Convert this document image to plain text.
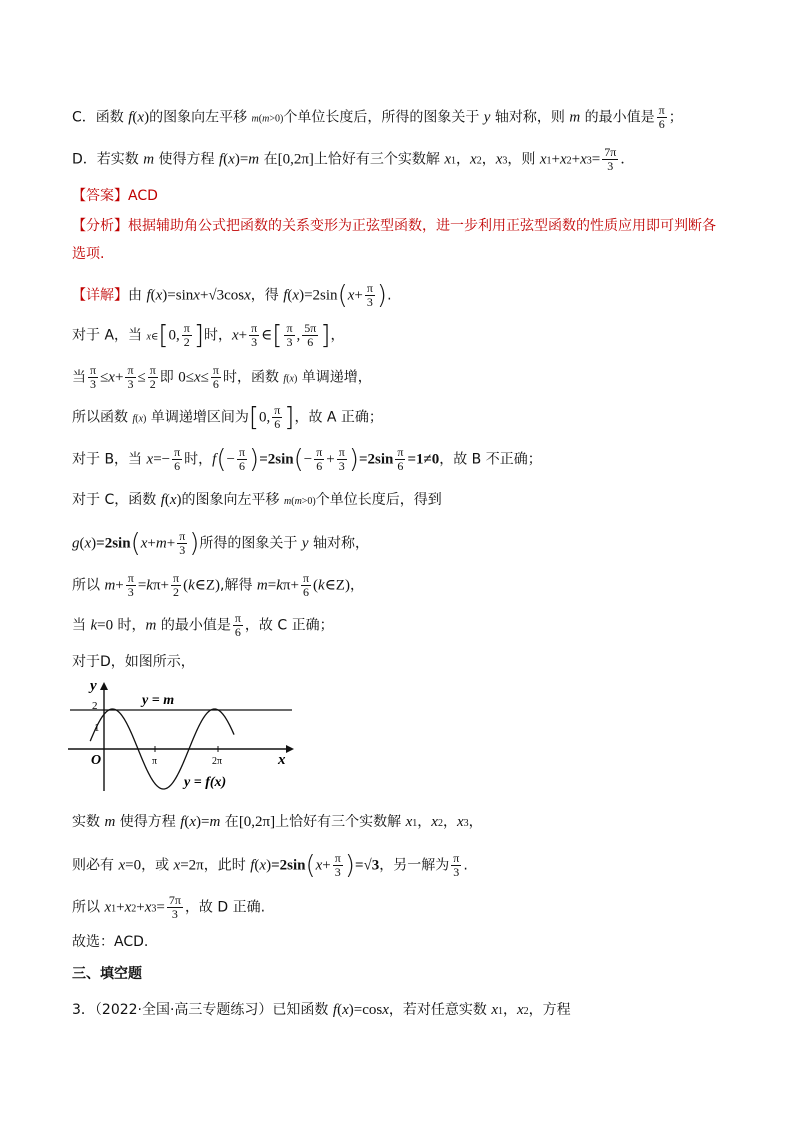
C．函数 f(x)的图象向左平移 m(m>0)个单位长度后，所得的图象关于 y 轴对称，则 m 的最小值是 $\frac{\pi}{6}$ ；
D．若实数 m 使得方程 f(x)=m 在[0,2π]上恰好有三个实数解 x1，x2，x3，则 $x1+x2+x3= \frac{7\pi}{3}$ ．
【答案】ACD
【分析】根据辅助角公式把函数的关系变形为正弦型函数，进一步利用正弦型函数的性质应用即可判断各
选项.
【详解】由 f(x)=sinx+√3cosx，得 $f(x)=2\sin(x+ \frac{\pi}{3}$ ).
对于 A，当 x∈[0, $\frac{\pi}{2}$ ]时，$x+ \frac{\pi}{3}$ ∈[ $\frac{\pi}{3}$ , $\frac{5\pi}{6}$ ]，
当 $\frac{\pi}{3} \le x+ \frac{\pi}{3} \le \frac{\pi}{2}$ 即 $0\le x\le \frac{\pi}{6}$ 时，函数 f(x) 单调递增，
所以函数 f(x) 单调递增区间为[0, $\frac{\pi}{6}$ ]，故 A 正确；
对于 B，当 $x=- \frac{\pi}{6}$ 时，$f(- \frac{\pi}{6} )=2\sin(- \frac{\pi}{6} + \frac{\pi}{3} )=2\sin \frac{\pi}{6} =1\ne 0$，故 B 不正确；
对于 C，函数 f(x)的图象向左平移 m(m>0)个单位长度后，得到
$g(x)=2\sin(x+m+ \frac{\pi}{3}$ )所得的图象关于 y 轴对称，
所以 $m+ \frac{\pi}{3} =k\pi+ \frac{\pi}{2}$ (k∈Z),解得 $m=k\pi+ \frac{\pi}{6}$ (k∈Z)，
当 k=0 时，m 的最小值是 $\frac{\pi}{6}$ ，故 C 正确；
对于D，如图所示，
y
x
O
2
1
π	2π
y = m
y = f(x)
实数 m 使得方程 f(x)=m 在[0,2π]上恰好有三个实数解 x1，x2，x3，
则必有 x=0，或 x=2π，此时 $f(x)=2\sin(x+ \frac{\pi}{3} )=√3$，另一解为 $\frac{\pi}{3}$ .
所以 $x1+x2+x3= \frac{7\pi}{3}$ ，故 D 正确.
故选：ACD.
三、填空题
3．（2022·全国·高三专题练习）已知函数 f(x)=cosx，若对任意实数 x1，x2，方程
